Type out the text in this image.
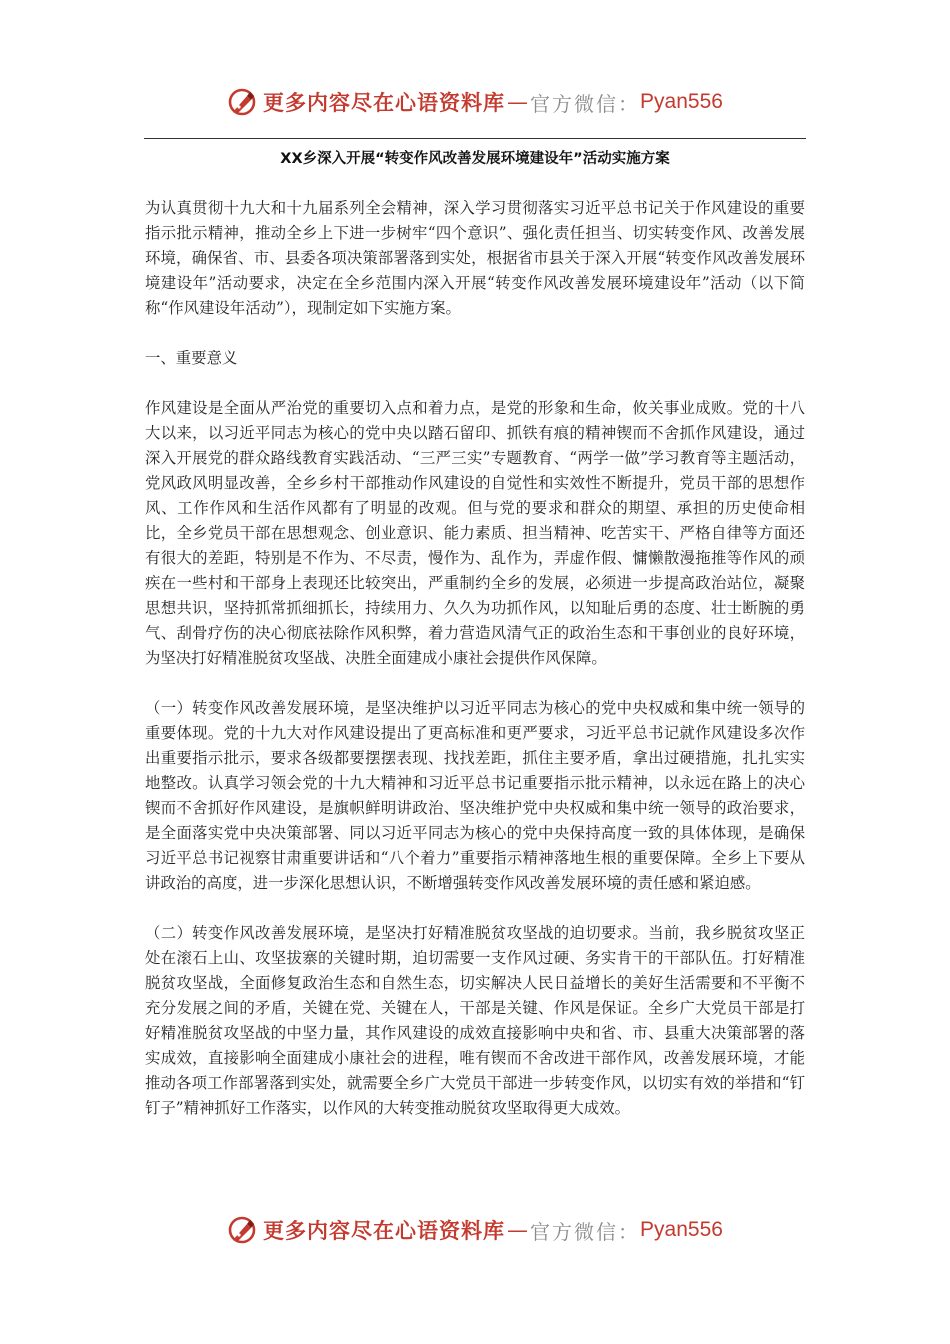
更多内容尽在心语资料库 — 官方微信： Pyan556
XX乡深入开展“转变作风改善发展环境建设年”活动实施方案

为认真贯彻十九大和十九届系列全会精神，深入学习贯彻落实习近平总书记关于作风建设的重要指示批示精神，推动全乡上下进一步树牢“四个意识”、强化责任担当、切实转变作风、改善发展环境，确保省、市、县委各项决策部署落到实处，根据省市县关于深入开展“转变作风改善发展环境建设年”活动要求，决定在全乡范围内深入开展“转变作风改善发展环境建设年”活动（以下简称“作风建设年活动”），现制定如下实施方案。

一、重要意义

作风建设是全面从严治党的重要切入点和着力点，是党的形象和生命，攸关事业成败。党的十八大以来，以习近平同志为核心的党中央以踏石留印、抓铁有痕的精神锲而不舍抓作风建设，通过深入开展党的群众路线教育实践活动、“三严三实”专题教育、“两学一做”学习教育等主题活动，党风政风明显改善，全乡乡村干部推动作风建设的自觉性和实效性不断提升，党员干部的思想作风、工作作风和生活作风都有了明显的改观。但与党的要求和群众的期望、承担的历史使命相比，全乡党员干部在思想观念、创业意识、能力素质、担当精神、吃苦实干、严格自律等方面还有很大的差距，特别是不作为、不尽责，慢作为、乱作为，弄虚作假、慵懒散漫拖推等作风的顽疾在一些村和干部身上表现还比较突出，严重制约全乡的发展，必须进一步提高政治站位，凝聚思想共识，坚持抓常抓细抓长，持续用力、久久为功抓作风，以知耻后勇的态度、壮士断腕的勇气、刮骨疗伤的决心彻底祛除作风积弊，着力营造风清气正的政治生态和干事创业的良好环境，为坚决打好精准脱贫攻坚战、决胜全面建成小康社会提供作风保障。

（一）转变作风改善发展环境，是坚决维护以习近平同志为核心的党中央权威和集中统一领导的重要体现。党的十九大对作风建设提出了更高标准和更严要求，习近平总书记就作风建设多次作出重要指示批示，要求各级都要摆摆表现、找找差距，抓住主要矛盾，拿出过硬措施，扎扎实实地整改。认真学习领会党的十九大精神和习近平总书记重要指示批示精神，以永远在路上的决心锲而不舍抓好作风建设，是旗帜鲜明讲政治、坚决维护党中央权威和集中统一领导的政治要求，是全面落实党中央决策部署、同以习近平同志为核心的党中央保持高度一致的具体体现，是确保习近平总书记视察甘肃重要讲话和“八个着力”重要指示精神落地生根的重要保障。全乡上下要从讲政治的高度，进一步深化思想认识，不断增强转变作风改善发展环境的责任感和紧迫感。

（二）转变作风改善发展环境，是坚决打好精准脱贫攻坚战的迫切要求。当前，我乡脱贫攻坚正处在滚石上山、攻坚拔寨的关键时期，迫切需要一支作风过硬、务实肯干的干部队伍。打好精准脱贫攻坚战，全面修复政治生态和自然生态，切实解决人民日益增长的美好生活需要和不平衡不充分发展之间的矛盾，关键在党、关键在人，干部是关键、作风是保证。全乡广大党员干部是打好精准脱贫攻坚战的中坚力量，其作风建设的成效直接影响中央和省、市、县重大决策部署的落实成效，直接影响全面建成小康社会的进程，唯有锲而不舍改进干部作风，改善发展环境，才能推动各项工作部署落到实处，就需要全乡广大党员干部进一步转变作风，以切实有效的举措和“钉钉子”精神抓好工作落实，以作风的大转变推动脱贫攻坚取得更大成效。

更多内容尽在心语资料库 — 官方微信： Pyan556
